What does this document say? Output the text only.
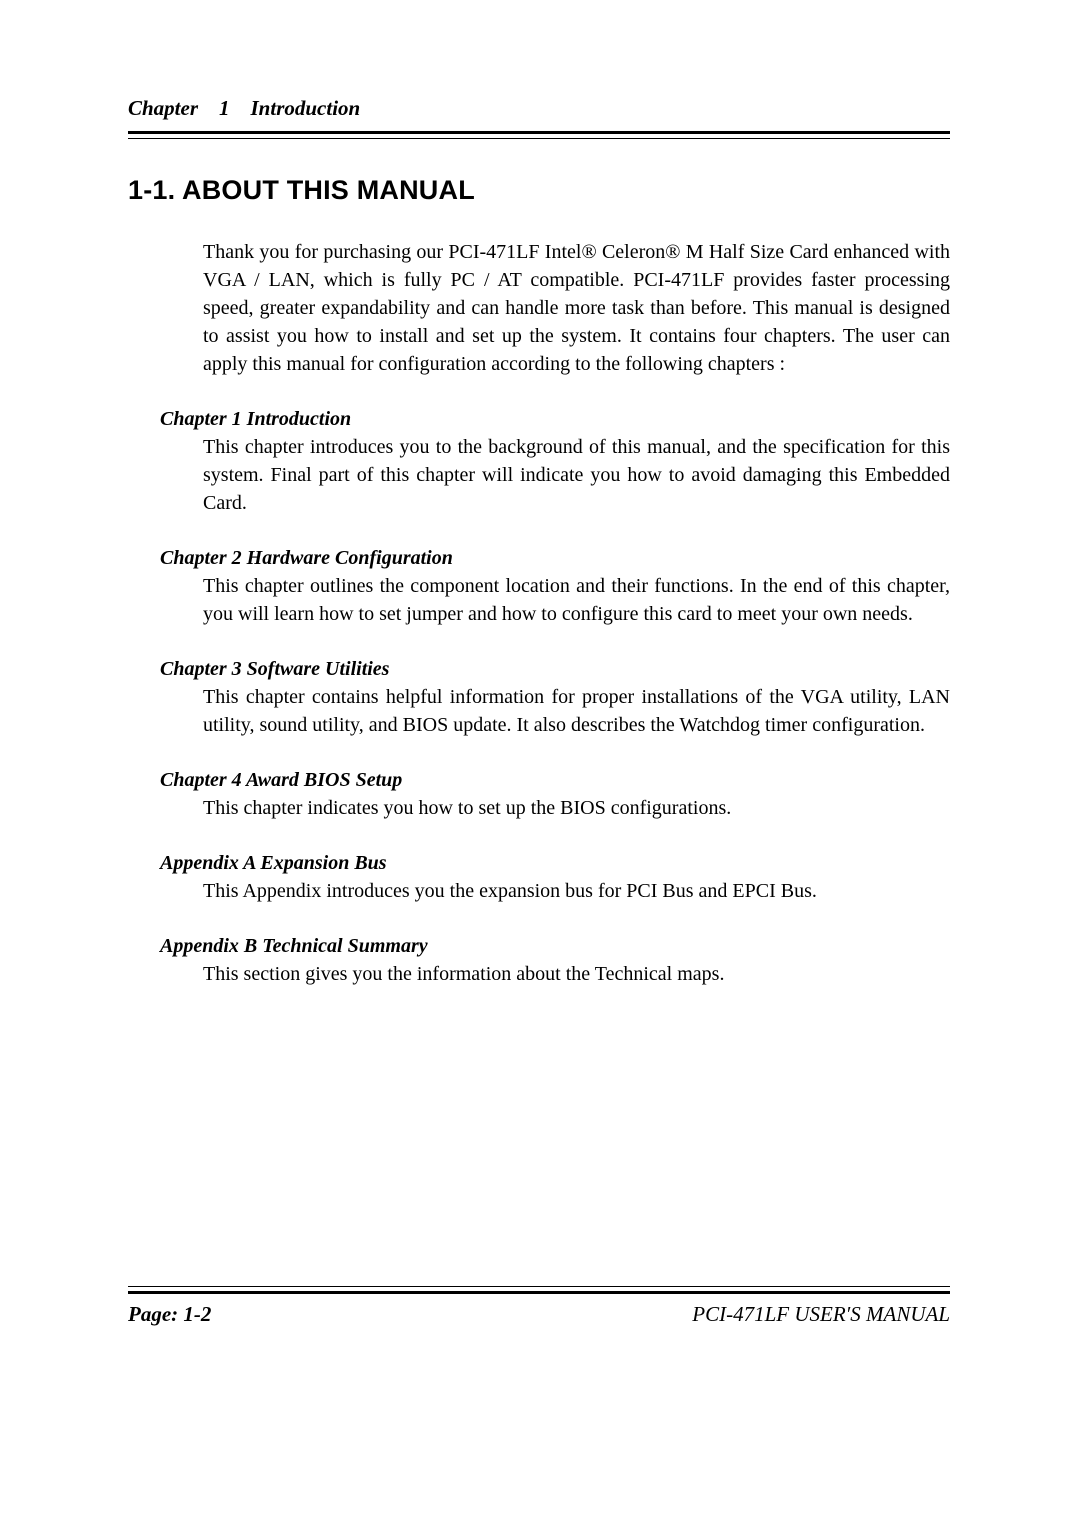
Chapter    1    Introduction
1-1. ABOUT THIS MANUAL

Thank you for purchasing our PCI-471LF Intel® Celeron® M Half Size Card enhanced with VGA / LAN, which is fully PC / AT compatible. PCI-471LF provides faster processing speed, greater expandability and can handle more task than before. This manual is designed to assist you how to install and set up the system. It contains four chapters. The user can apply this manual for configuration according to the following chapters :

Chapter 1 Introduction

This chapter introduces you to the background of this manual, and the specification for this system. Final part of this chapter will indicate you how to avoid damaging this Embedded Card.

Chapter 2 Hardware Configuration

This chapter outlines the component location and their functions. In the end of this chapter, you will learn how to set jumper and how to configure this card to meet your own needs.

Chapter 3 Software Utilities

This chapter contains helpful information for proper installations of the VGA utility, LAN utility, sound utility, and BIOS update. It also describes the Watchdog timer configuration.

Chapter 4 Award BIOS Setup

This chapter indicates you how to set up the BIOS configurations.

Appendix A Expansion Bus

This Appendix introduces you the expansion bus for PCI Bus and EPCI Bus.

Appendix B Technical Summary

This section gives you the information about the Technical maps.

Page: 1-2	PCI-471LF USER′S MANUAL
